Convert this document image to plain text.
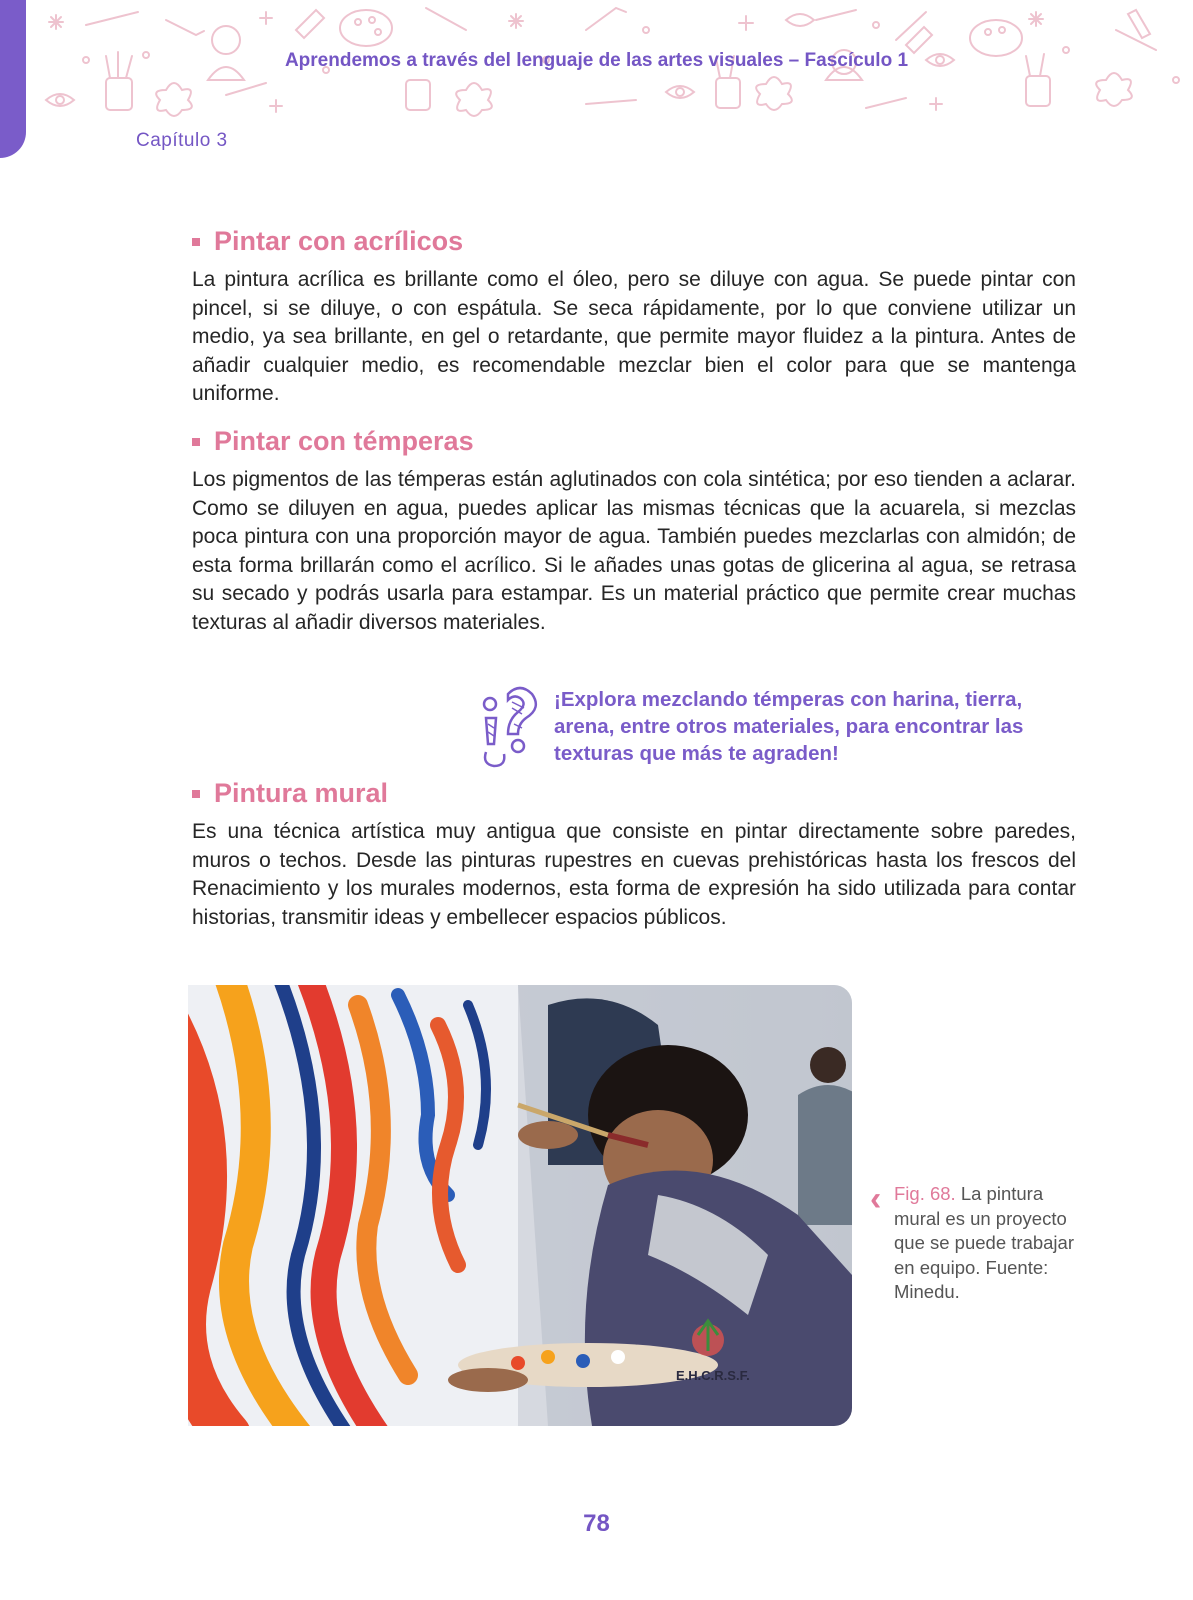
Aprendemos a través del lenguaje de las artes visuales – Fascículo 1
Capítulo 3
Pintar con acrílicos

La pintura acrílica es brillante como el óleo, pero se diluye con agua. Se puede pintar con pincel, si se diluye, o con espátula. Se seca rápidamente, por lo que conviene utilizar un medio, ya sea brillante, en gel o retardante, que permite mayor fluidez a la pintura. Antes de añadir cualquier medio, es recomendable mezclar bien el color para que se mantenga uniforme.

Pintar con témperas

Los pigmentos de las témperas están aglutinados con cola sintética; por eso tienden a aclarar. Como se diluyen en agua, puedes aplicar las mismas técnicas que la acuarela, si mezclas poca pintura con una proporción mayor de agua. También puedes mezclarlas con almidón; de esta forma brillarán como el acrílico. Si le añades unas gotas de glicerina al agua, se retrasa su secado y podrás usarla para estampar. Es un material práctico que permite crear muchas texturas al añadir diversos materiales.

¡Explora mezclando témperas con harina, tierra, arena, entre otros materiales, para encontrar las texturas que más te agraden!
Pintura mural

Es una técnica artística muy antigua que consiste en pintar directamente sobre paredes, muros o techos. Desde las pinturas rupestres en cuevas prehistóricas hasta los frescos del Renacimiento y los murales modernos, esta forma de expresión ha sido utilizada para contar historias, transmitir ideas y embellecer espacios públicos.

E.H.C.R.S.F.
‹ Fig. 68. La pintura mural es un proyecto que se puede trabajar en equipo. Fuente: Minedu.
78
